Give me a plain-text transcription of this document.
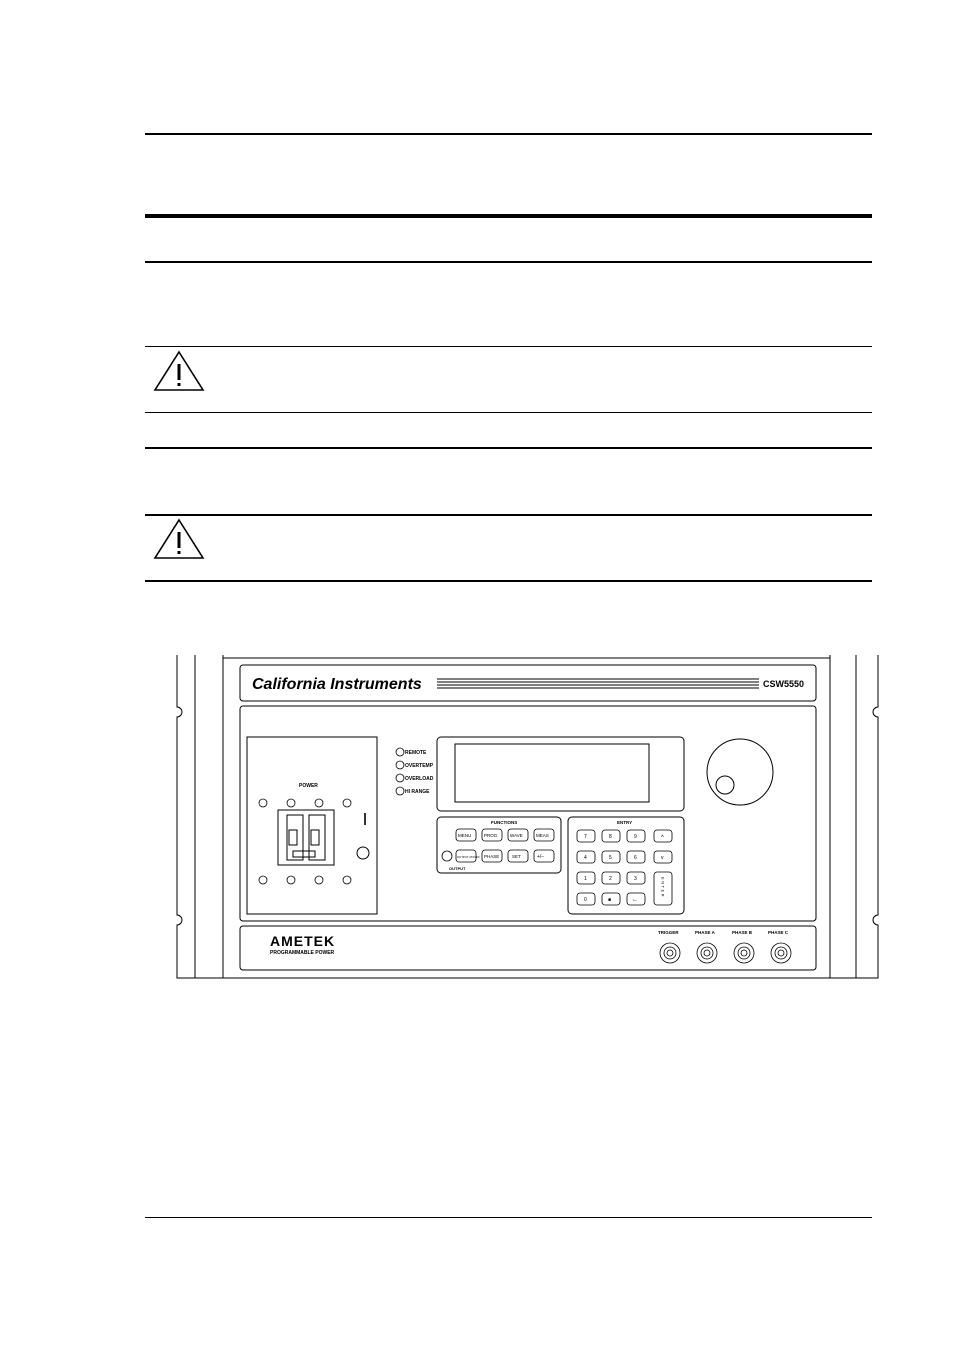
California Instruments	CSW5550
POWER
REMOTE
OVERTEMP
OVERLOAD
HI RANGE
FUNCTIONS
MENU	PROG	WAVE	MEAS
OUTPUT ON/OFF PHASE	SET	+/−
OUTPUT
ENTRY
7	8	9	^
4	5	6	v
1	2	3
0	■	←
ENTER
AMETEK
PROGRAMMABLE POWER
TRIGGER	PHASE A	PHASE B	PHASE C
